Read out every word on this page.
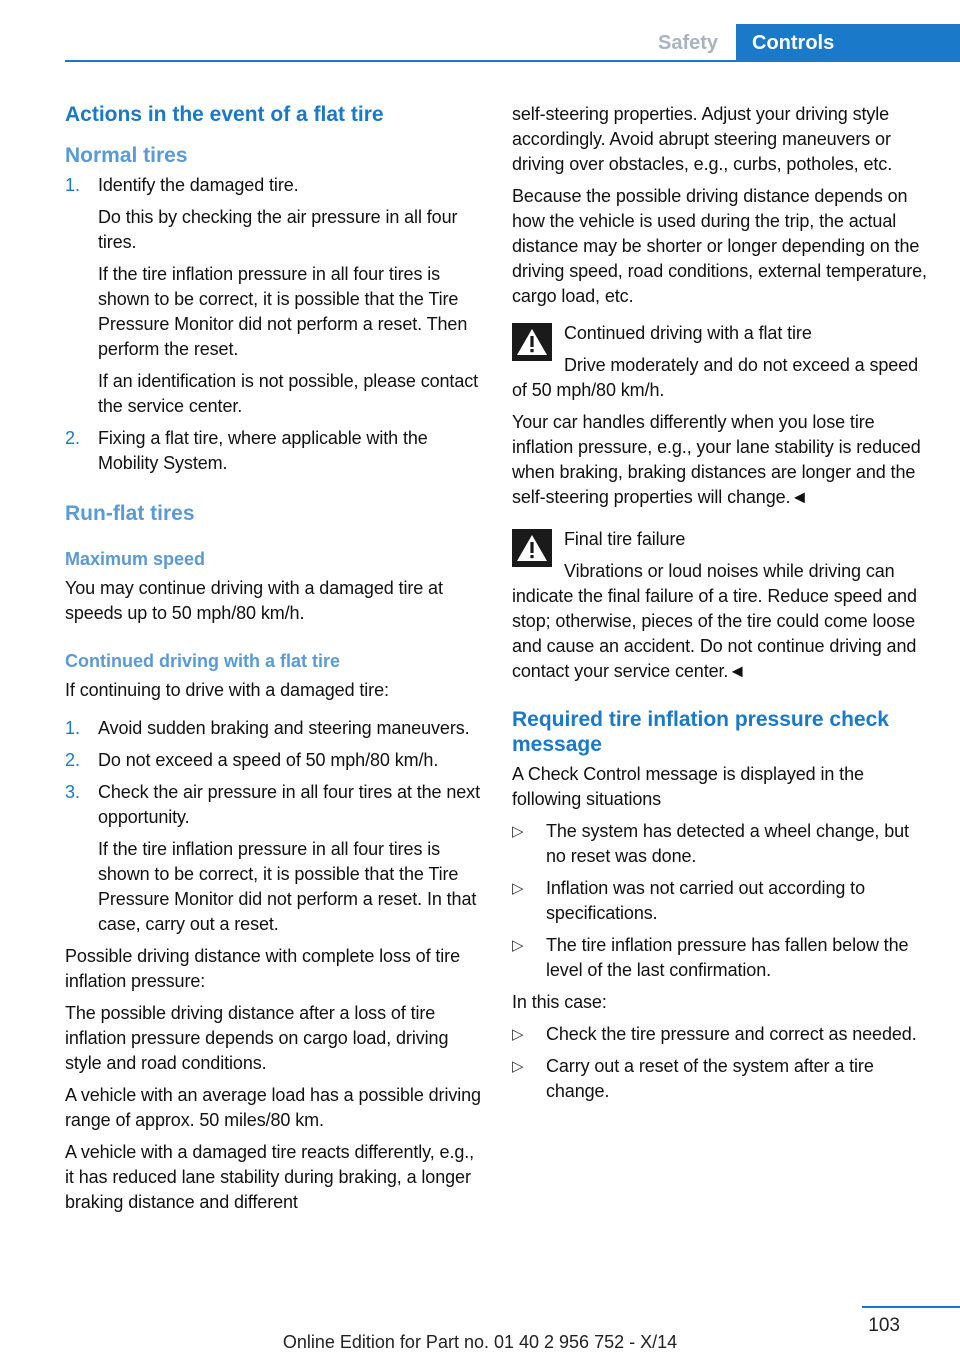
Safety	Controls
Actions in the event of a flat tire
Normal tires
1. Identify the damaged tire.
Do this by checking the air pressure in all four tires.
If the tire inflation pressure in all four tires is shown to be correct, it is possible that the Tire Pressure Monitor did not perform a reset. Then perform the reset.
If an identification is not possible, please contact the service center.
2. Fixing a flat tire, where applicable with the Mobility System.
Run-flat tires
Maximum speed
You may continue driving with a damaged tire at speeds up to 50 mph/80 km/h.
Continued driving with a flat tire
If continuing to drive with a damaged tire:
1. Avoid sudden braking and steering maneuvers.
2. Do not exceed a speed of 50 mph/80 km/h.
3. Check the air pressure in all four tires at the next opportunity.
If the tire inflation pressure in all four tires is shown to be correct, it is possible that the Tire Pressure Monitor did not perform a reset. In that case, carry out a reset.
Possible driving distance with complete loss of tire inflation pressure:
The possible driving distance after a loss of tire inflation pressure depends on cargo load, driving style and road conditions.
A vehicle with an average load has a possible driving range of approx. 50 miles/80 km.
A vehicle with a damaged tire reacts differently, e.g., it has reduced lane stability during braking, a longer braking distance and different
self-steering properties. Adjust your driving style accordingly. Avoid abrupt steering maneuvers or driving over obstacles, e.g., curbs, potholes, etc.
Because the possible driving distance depends on how the vehicle is used during the trip, the actual distance may be shorter or longer depending on the driving speed, road conditions, external temperature, cargo load, etc.
Continued driving with a flat tire
Drive moderately and do not exceed a speed of 50 mph/80 km/h.
Your car handles differently when you lose tire inflation pressure, e.g., your lane stability is reduced when braking, braking distances are longer and the self-steering properties will change.◄
Final tire failure
Vibrations or loud noises while driving can indicate the final failure of a tire. Reduce speed and stop; otherwise, pieces of the tire could come loose and cause an accident. Do not continue driving and contact your service center.◄
Required tire inflation pressure check message
A Check Control message is displayed in the following situations
▷ The system has detected a wheel change, but no reset was done.
▷ Inflation was not carried out according to specifications.
▷ The tire inflation pressure has fallen below the level of the last confirmation.
In this case:
▷ Check the tire pressure and correct as needed.
▷ Carry out a reset of the system after a tire change.
103
Online Edition for Part no. 01 40 2 956 752 - X/14
